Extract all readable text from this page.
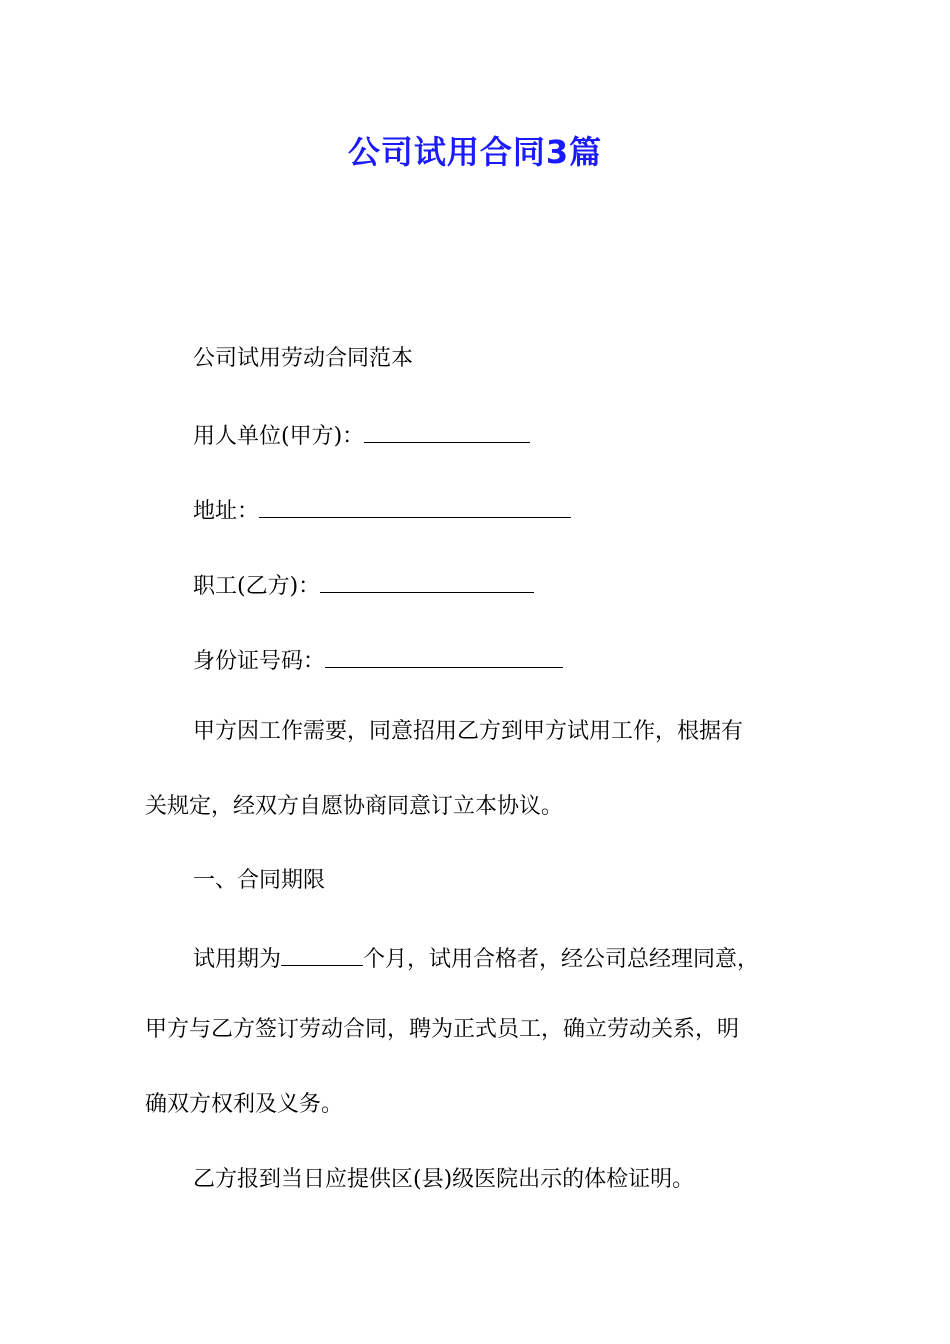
公司试用合同3篇
公司试用劳动合同范本
用人单位(甲方)：
地址：
职工(乙方)：
身份证号码：
甲方因工作需要，同意招用乙方到甲方试用工作，根据有
关规定，经双方自愿协商同意订立本协议。
一、合同期限
试用期为	个月，试用合格者，经公司总经理同意，
甲方与乙方签订劳动合同，聘为正式员工，确立劳动关系，明
确双方权利及义务。
乙方报到当日应提供区(县)级医院出示的体检证明。
